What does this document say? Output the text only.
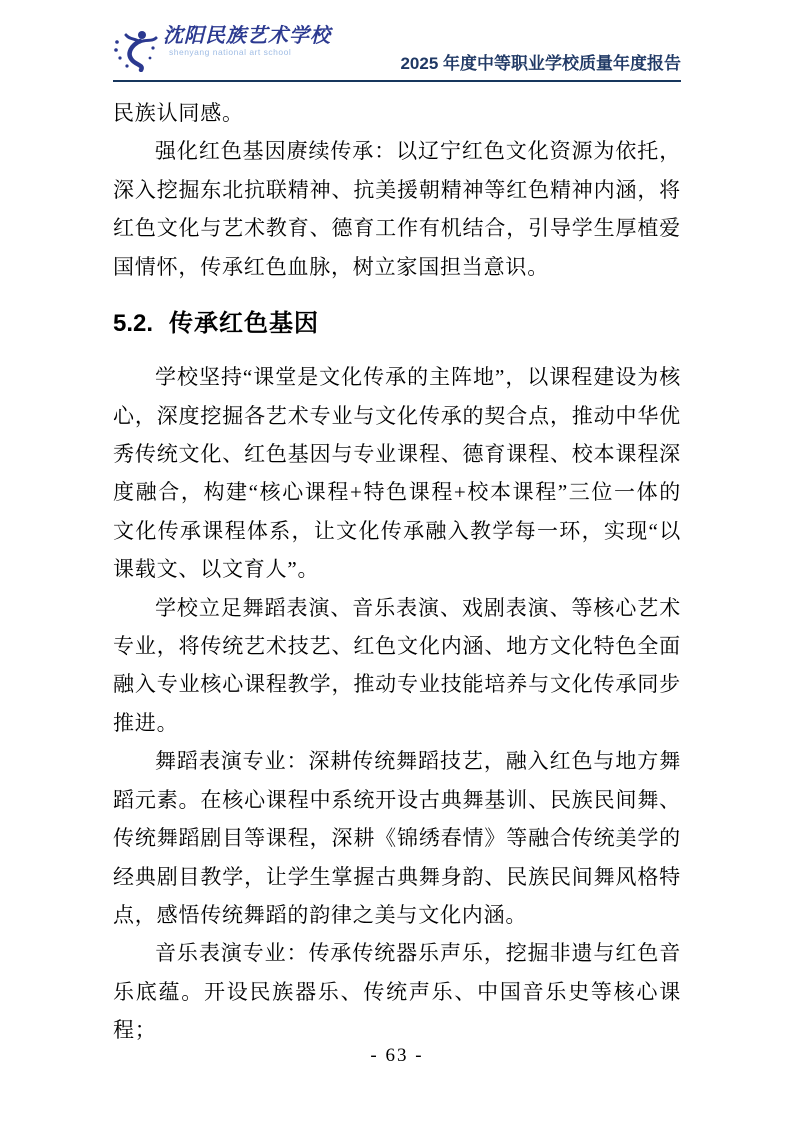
沈阳民族艺术学校
shenyang national art school
2025 年度中等职业学校质量年度报告

民族认同感。

强化红色基因赓续传承：以辽宁红色文化资源为依托，深入挖掘东北抗联精神、抗美援朝精神等红色精神内涵，将红色文化与艺术教育、德育工作有机结合，引导学生厚植爱国情怀，传承红色血脉，树立家国担当意识。

5.2. 传承红色基因

学校坚持“课堂是文化传承的主阵地”，以课程建设为核心，深度挖掘各艺术专业与文化传承的契合点，推动中华优秀传统文化、红色基因与专业课程、德育课程、校本课程深度融合，构建“核心课程+特色课程+校本课程”三位一体的文化传承课程体系，让文化传承融入教学每一环，实现“以课载文、以文育人”。

学校立足舞蹈表演、音乐表演、戏剧表演、等核心艺术专业，将传统艺术技艺、红色文化内涵、地方文化特色全面融入专业核心课程教学，推动专业技能培养与文化传承同步推进。

舞蹈表演专业：深耕传统舞蹈技艺，融入红色与地方舞蹈元素。在核心课程中系统开设古典舞基训、民族民间舞、传统舞蹈剧目等课程，深耕《锦绣春情》等融合传统美学的经典剧目教学，让学生掌握古典舞身韵、民族民间舞风格特点，感悟传统舞蹈的韵律之美与文化内涵。

音乐表演专业：传承传统器乐声乐，挖掘非遗与红色音乐底蕴。开设民族器乐、传统声乐、中国音乐史等核心课程；

- 63 -
